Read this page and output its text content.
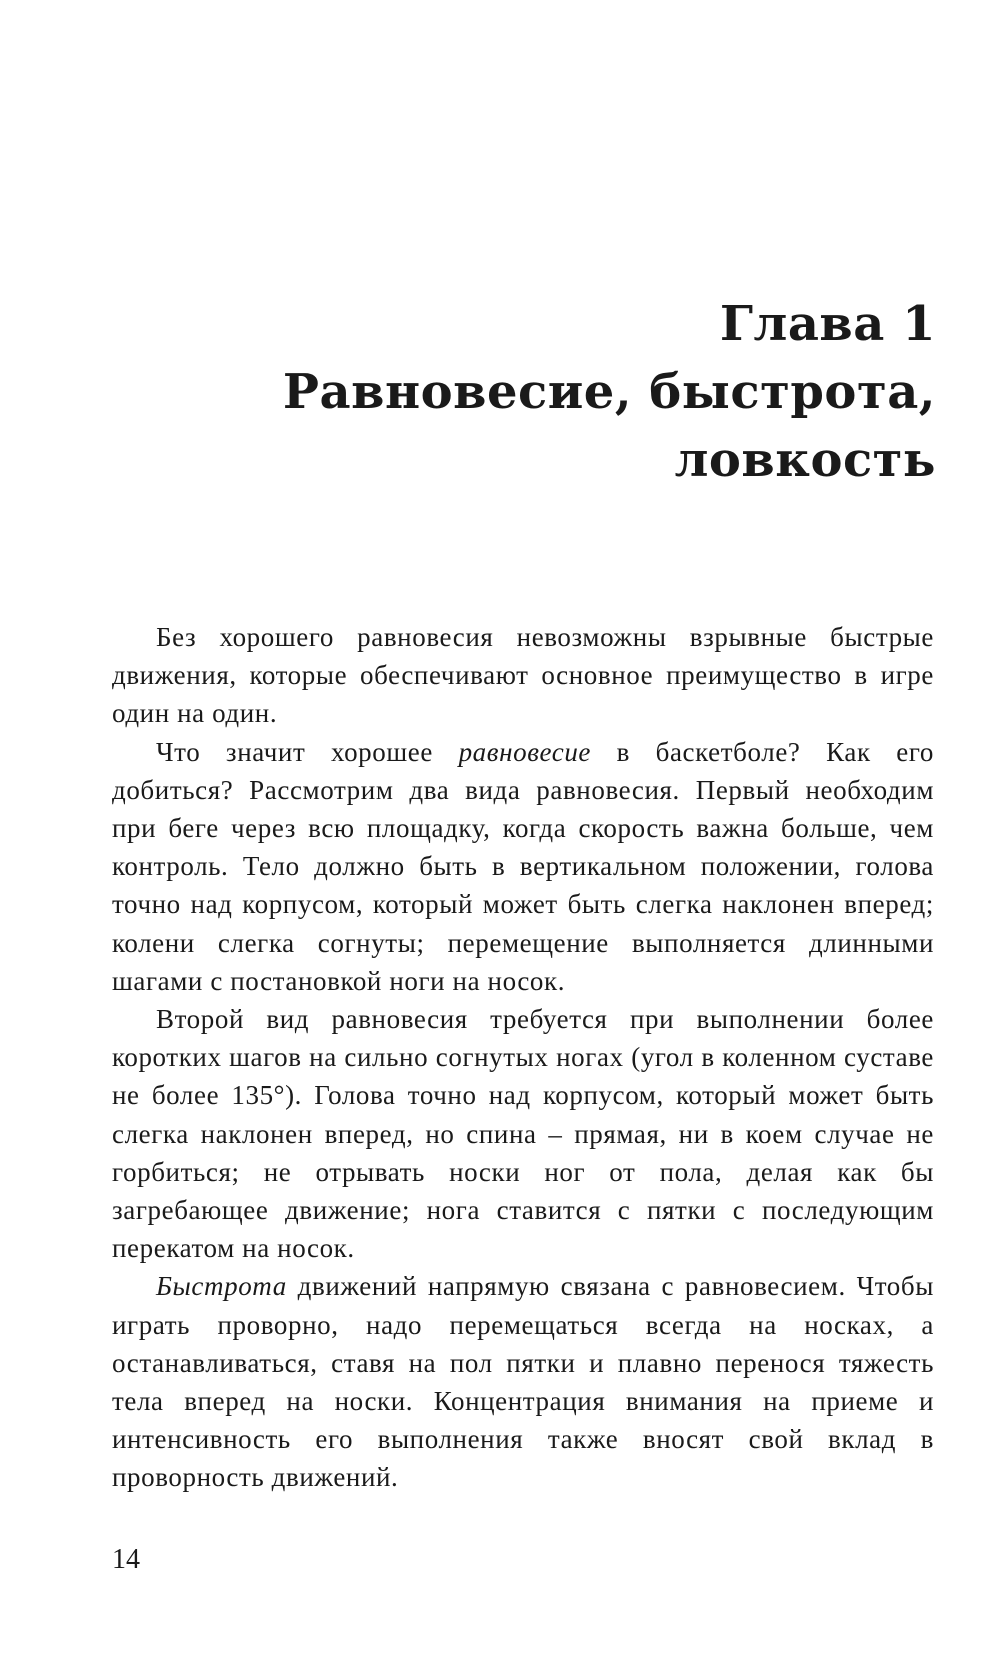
Глава 1
Равновесие, быстрота,
ловкость

Без хорошего равновесия невозможны взрывные быстрые движения, которые обеспечивают основное преимущество в игре один на один.

Что значит хорошее равновесие в баскетболе? Как его добиться? Рассмотрим два вида равновесия. Первый необходим при беге через всю площадку, когда скорость важна больше, чем контроль. Тело должно быть в вертикальном положении, голова точно над корпусом, который может быть слегка наклонен вперед; колени слегка согнуты; перемещение выполняется длинными шагами с постановкой ноги на носок.

Второй вид равновесия требуется при выполнении более коротких шагов на сильно согнутых ногах (угол в коленном суставе не более 135°). Голова точно над корпусом, который может быть слегка наклонен вперед, но спина – прямая, ни в коем случае не горбиться; не отрывать носки ног от пола, делая как бы загребающее движение; нога ставится с пятки с последующим перекатом на носок.

Быстрота движений напрямую связана с равновесием. Чтобы играть проворно, надо перемещаться всегда на носках, а останавливаться, ставя на пол пятки и плавно перенося тяжесть тела вперед на носки. Концентрация внимания на приеме и интенсивность его выполнения также вносят свой вклад в проворность движений.

14
